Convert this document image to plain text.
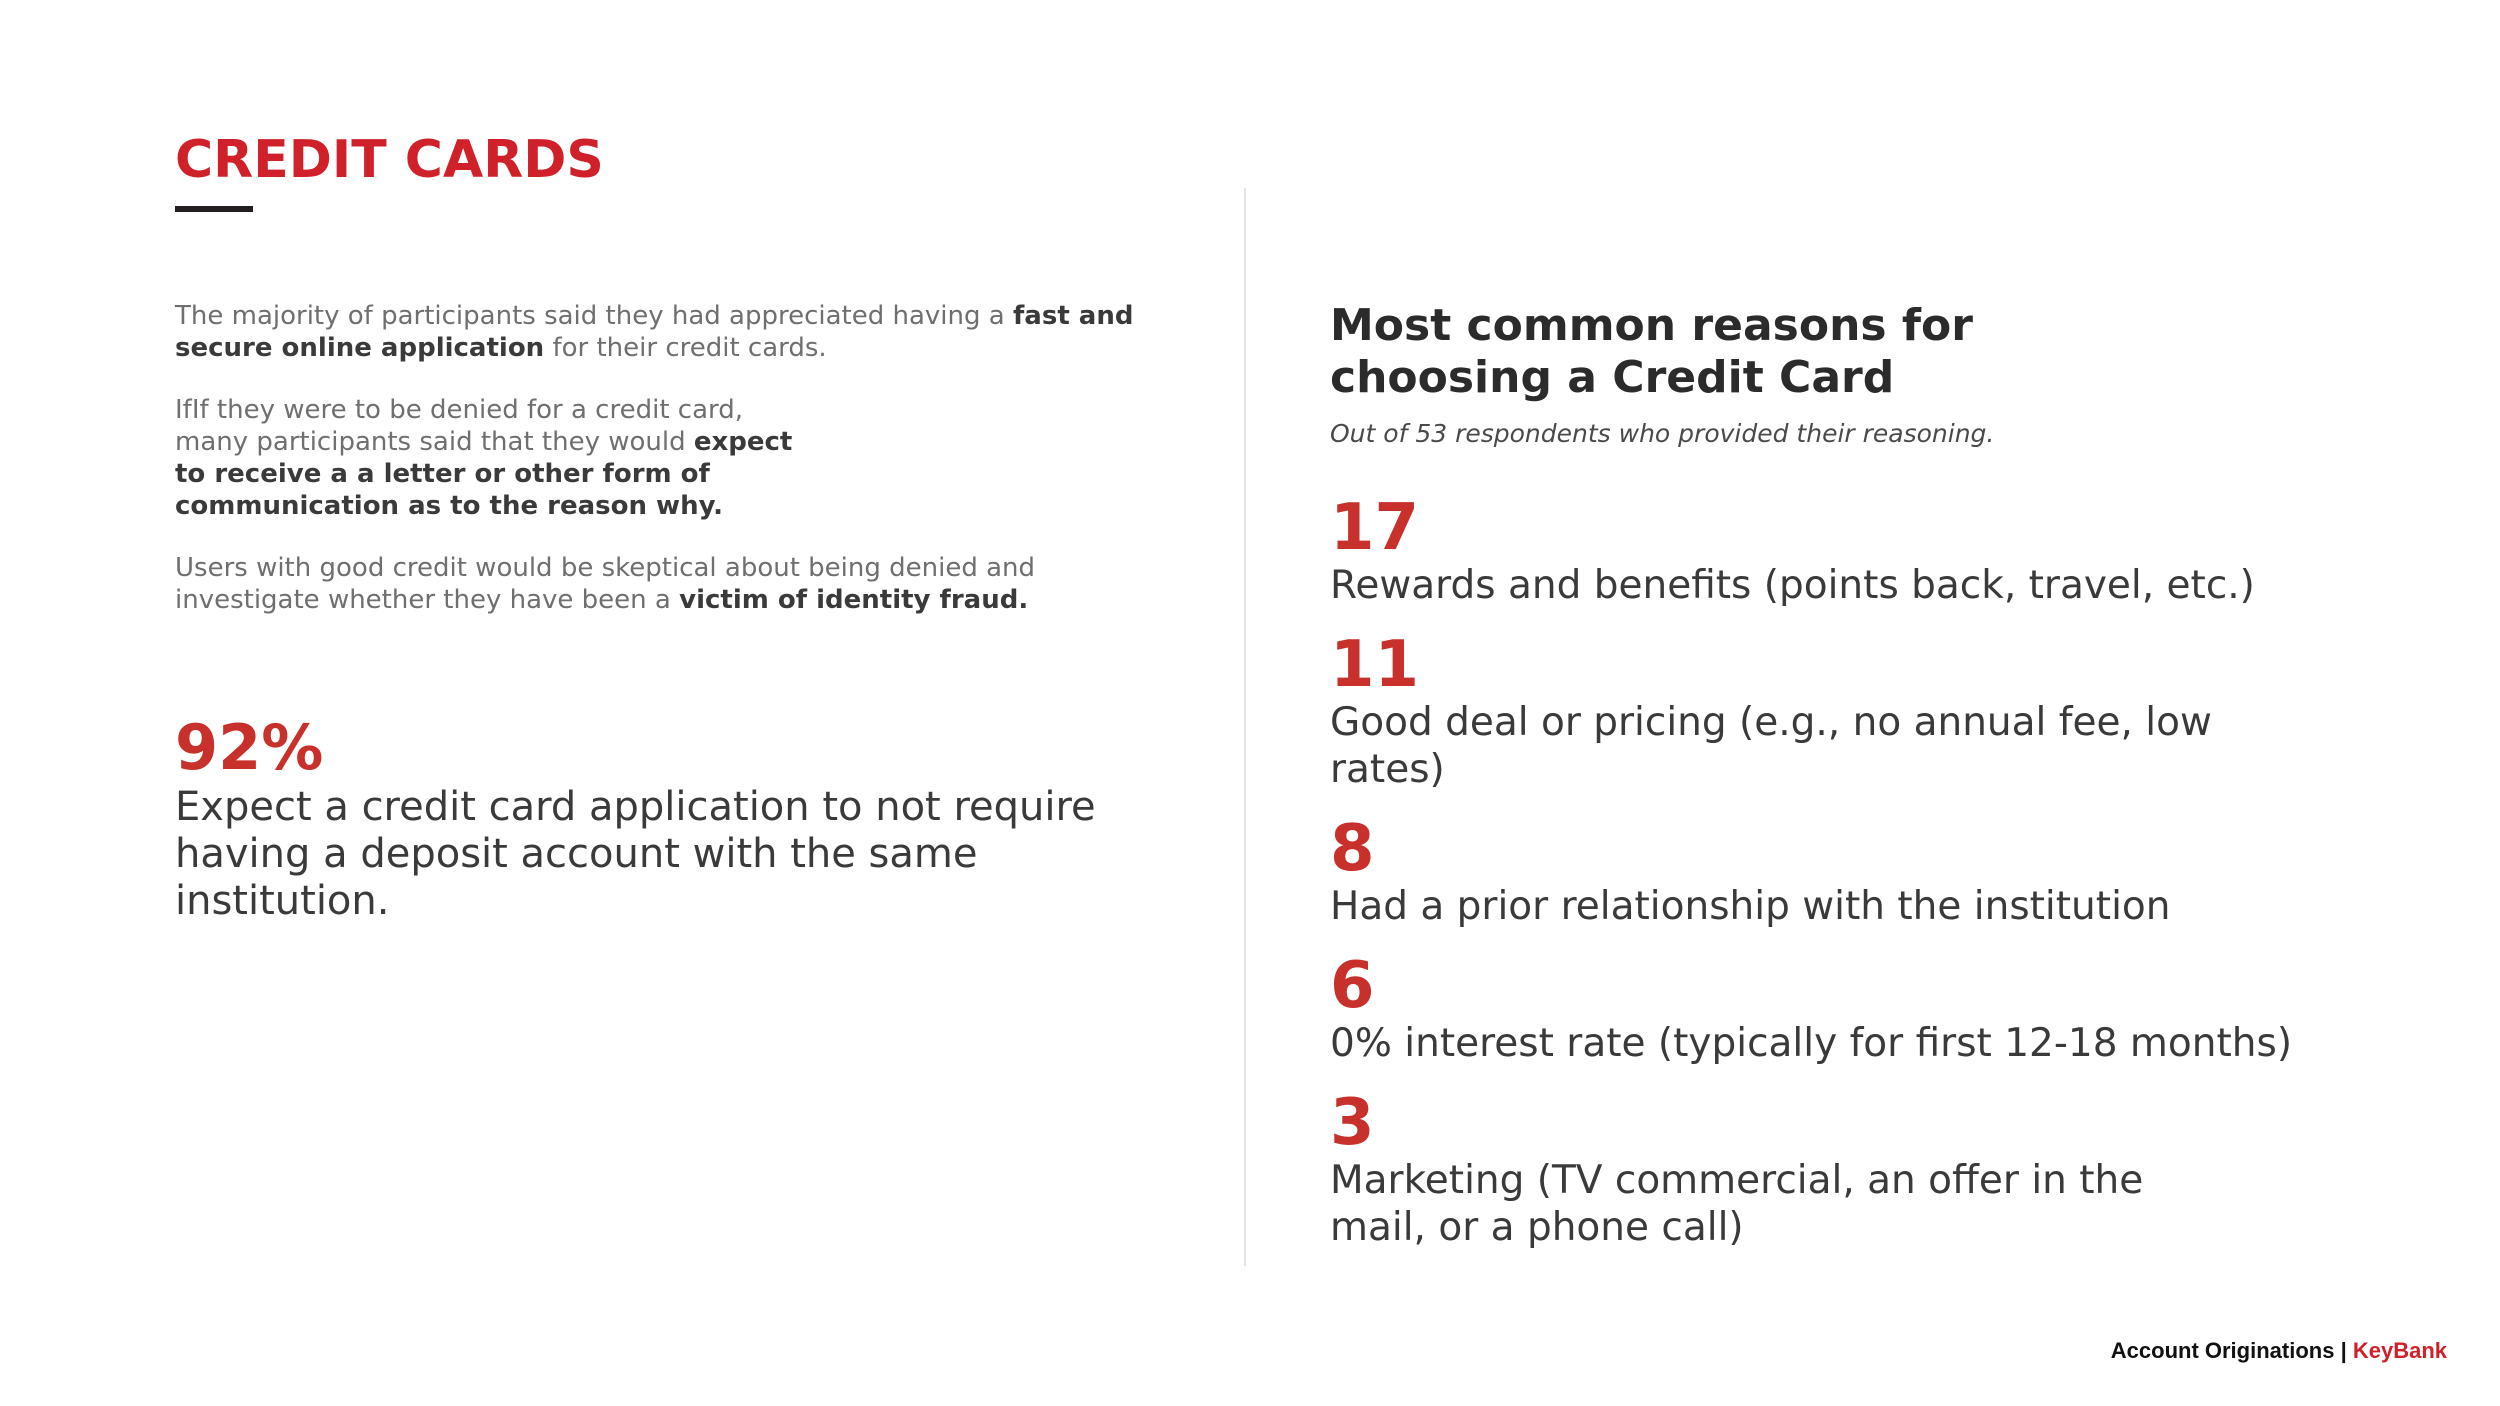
CREDIT CARDS

The majority of participants said they had appreciated having a fast and secure online application for their credit cards.

IfIf they were to be denied for a credit card, many participants said that they would expect to receive a a letter or other form of communication as to the reason why.

Users with good credit would be skeptical about being denied and investigate whether they have been a victim of identity fraud.

92%

Expect a credit card application to not require having a deposit account with the same institution.

Most common reasons for
choosing a Credit Card

Out of 53 respondents who provided their reasoning.

17

Rewards and benefits (points back, travel, etc.)

11

Good deal or pricing (e.g., no annual fee, low rates)

8

Had a prior relationship with the institution

6

0% interest rate (typically for first 12-18 months)

3

Marketing (TV commercial, an offer in the mail, or a phone call)

Account Originations | KeyBank
